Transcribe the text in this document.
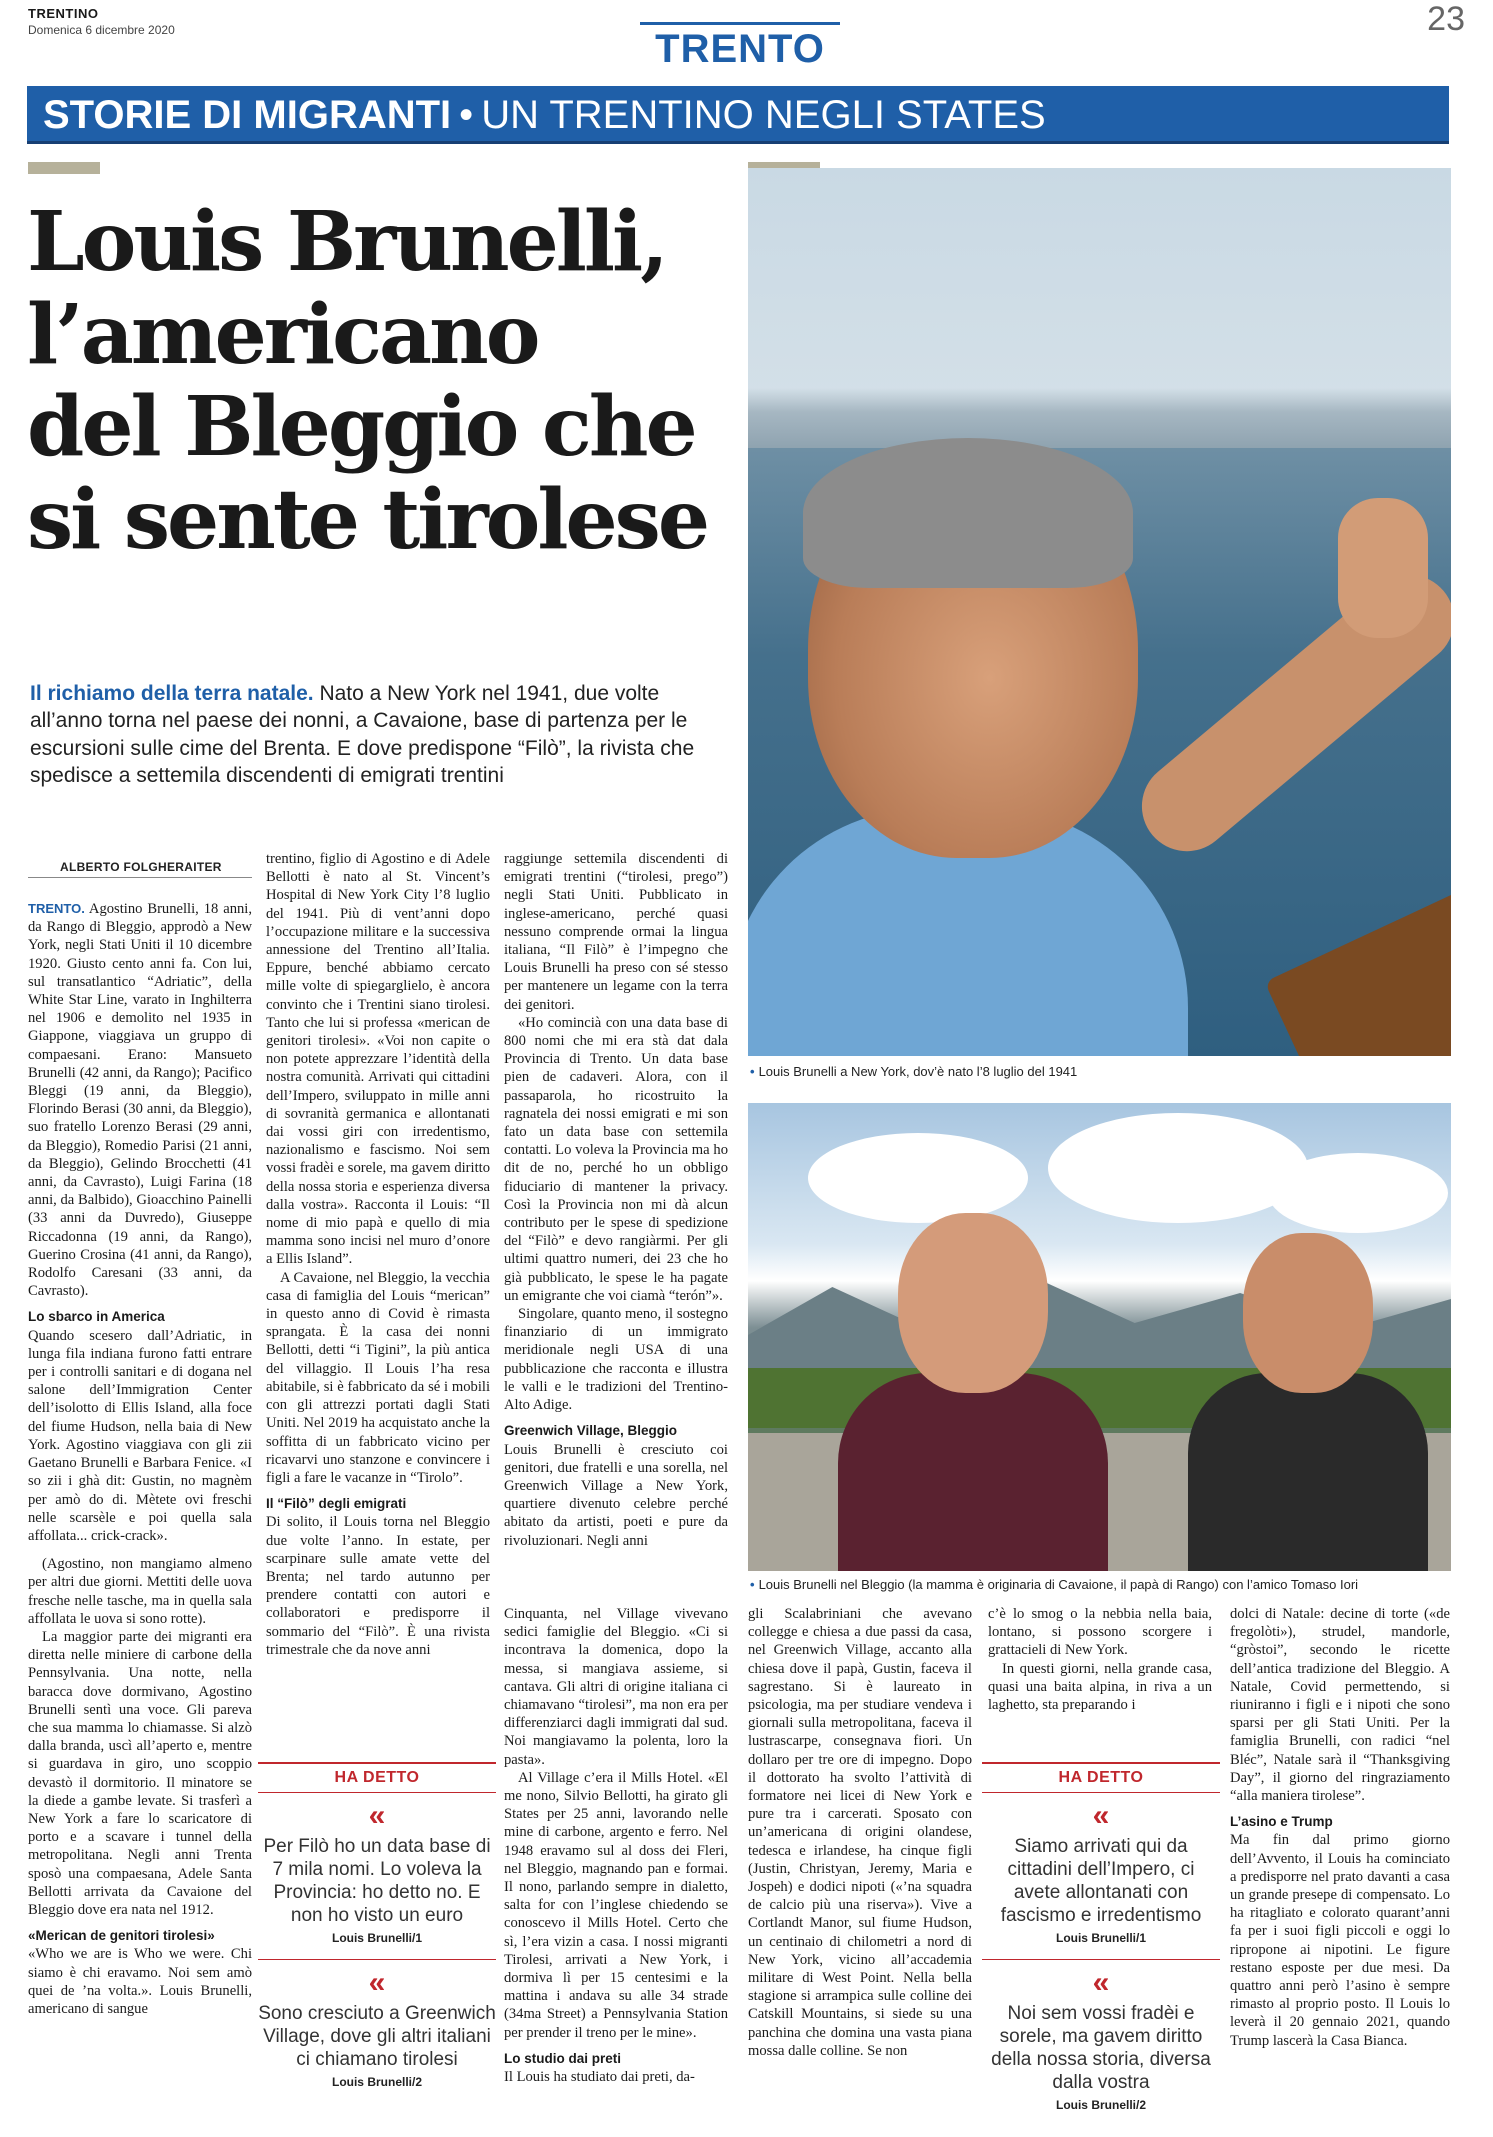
TRENTINO
Domenica 6 dicembre 2020	TRENTO
23
STORIE DI MIGRANTI • UN TRENTINO NEGLI STATES
Louis Brunelli,
l’americano
del Bleggio che
si sente tirolese
Il richiamo della terra natale. Nato a New York nel 1941, due volte all’anno torna nel paese dei nonni, a Cavaione, base di partenza per le escursioni sulle cime del Brenta. E dove predispone “Filò”, la rivista che spedisce a settemila discendenti di emigrati trentini
• Louis Brunelli a New York, dov’è nato l’8 luglio del 1941
• Louis Brunelli nel Bleggio (la mamma è originaria di Cavaione, il papà di Rango) con l’amico Tomaso Iori
ALBERTO FOLGHERAITER

TRENTO. Agostino Brunelli, 18 anni, da Rango di Bleggio, approdò a New York, negli Stati Uniti il 10 dicembre 1920. Giusto cento anni fa. Con lui, sul transatlantico “Adriatic”, della White Star Line, varato in Inghilterra nel 1906 e demolito nel 1935 in Giappone, viaggiava un gruppo di compaesani. Erano: Mansueto Brunelli (42 anni, da Rango); Pacifico Bleggi (19 anni, da Bleggio), Florindo Berasi (30 anni, da Bleggio), suo fratello Lorenzo Berasi (29 anni, da Bleggio), Romedio Parisi (21 anni, da Bleggio), Gelindo Brocchetti (41 anni, da Cavrasto), Luigi Farina (18 anni, da Balbido), Gioacchino Painelli (33 anni da Duvredo), Giuseppe Riccadonna (19 anni, da Rango), Guerino Crosina (41 anni, da Rango), Rodolfo Caresani (33 anni, da Cavrasto).

Lo sbarco in America

Quando scesero dall’Adriatic, in lunga fila indiana furono fatti entrare per i controlli sanitari e di dogana nel salone dell’Immigration Center dell’isolotto di Ellis Island, alla foce del fiume Hudson, nella baia di New York. Agostino viaggiava con gli zii Gaetano Brunelli e Barbara Fenice. «I so zii i ghà dit: Gustin, no magnèm per amò do di. Mètete ovi freschi nelle scarsèle e poi quella sala affollata... crick-crack».

(Agostino, non mangiamo almeno per altri due giorni. Mettiti delle uova fresche nelle tasche, ma in quella sala affollata le uova si sono rotte).

La maggior parte dei migranti era diretta nelle miniere di carbone della Pennsylvania. Una notte, nella baracca dove dormivano, Agostino Brunelli sentì una voce. Gli pareva che sua mamma lo chiamasse. Si alzò dalla branda, uscì all’aperto e, mentre si guardava in giro, uno scoppio devastò il dormitorio. Il minatore se la diede a gambe levate. Si trasferì a New York a fare lo scaricatore di porto e a scavare i tunnel della metropolitana. Negli anni Trenta sposò una compaesana, Adele Santa Bellotti arrivata da Cavaione del Bleggio dove era nata nel 1912.

«Merican de genitori tirolesi»

«Who we are is Who we were. Chi siamo è chi eravamo. Noi sem amò quei de ’na volta.». Louis Brunelli, americano di sangue

trentino, figlio di Agostino e di Adele Bellotti è nato al St. Vincent’s Hospital di New York City l’8 luglio del 1941. Più di vent’anni dopo l’occupazione militare e la successiva annessione del Trentino all’Italia. Eppure, benché abbiamo cercato mille volte di spiegarglielo, è ancora convinto che i Trentini siano tirolesi. Tanto che lui si professa «merican de genitori tirolesi». «Voi non capite o non potete apprezzare l’identità della nostra comunità. Arrivati qui cittadini dell’Impero, sviluppato in mille anni di sovranità germanica e allontanati dai vossi giri con irredentismo, nazionalismo e fascismo. Noi sem vossi fradèi e sorele, ma gavem diritto della nossa storia e esperienza diversa dalla vostra». Racconta il Louis: “Il nome di mio papà e quello di mia mamma sono incisi nel muro d’onore a Ellis Island”.

A Cavaione, nel Bleggio, la vecchia casa di famiglia del Louis “merican” in questo anno di Covid è rimasta sprangata. È la casa dei nonni Bellotti, detti “i Tigini”, la più antica del villaggio. Il Louis l’ha resa abitabile, si è fabbricato da sé i mobili con gli attrezzi portati dagli Stati Uniti. Nel 2019 ha acquistato anche la soffitta di un fabbricato vicino per ricavarvi uno stanzone e convincere i figli a fare le vacanze in “Tirolo”.

Il “Filò” degli emigrati

Di solito, il Louis torna nel Bleggio due volte l’anno. In estate, per scarpinare sulle amate vette del Brenta; nel tardo autunno per prendere contatti con autori e collaboratori e predisporre il sommario del “Filò”. È una rivista trimestrale che da nove anni

HA DETTO
«
Per Filò ho un data base di 7 mila nomi. Lo voleva la Provincia: ho detto no. E non ho visto un euro
Louis Brunelli/1
«
Sono cresciuto a Greenwich Village, dove gli altri italiani ci chiamano tirolesi
Louis Brunelli/2

raggiunge settemila discendenti di emigrati trentini (“tirolesi, prego”) negli Stati Uniti. Pubblicato in inglese-americano, perché quasi nessuno comprende ormai la lingua italiana, “Il Filò” è l’impegno che Louis Brunelli ha preso con sé stesso per mantenere un legame con la terra dei genitori.

«Ho comincià con una data base di 800 nomi che mi era stà dat dala Provincia di Trento. Un data base pien de cadaveri. Alora, con il passaparola, ho ricostruito la ragnatela dei nossi emigrati e mi son fato un data base con settemila contatti. Lo voleva la Provincia ma ho dit de no, perché ho un obbligo fiduciario di mantener la privacy. Così la Provincia non mi dà alcun contributo per le spese di spedizione del “Filò” e devo rangiàrmi. Per gli ultimi quattro numeri, dei 23 che ho già pubblicato, le spese le ha pagate un emigrante che voi ciamà “terón”».

Singolare, quanto meno, il sostegno finanziario di un immigrato meridionale negli USA di una pubblicazione che racconta e illustra le valli e le tradizioni del Trentino-Alto Adige.

Greenwich Village, Bleggio

Louis Brunelli è cresciuto coi genitori, due fratelli e una sorella, nel Greenwich Village a New York, quartiere divenuto celebre perché abitato da artisti, poeti e pure da rivoluzionari. Negli anni

Cinquanta, nel Village vivevano sedici famiglie del Bleggio. «Ci si incontrava la domenica, dopo la messa, si mangiava assieme, si cantava. Gli altri di origine italiana ci chiamavano “tirolesi”, ma non era per differenziarci dagli immigrati dal sud. Noi mangiavamo la polenta, loro la pasta».

Al Village c’era il Mills Hotel. «El me nono, Silvio Bellotti, ha girato gli States per 25 anni, lavorando nelle mine di carbone, argento e ferro. Nel 1948 eravamo sul al doss dei Fleri, nel Bleggio, magnando pan e formai. Il nono, parlando sempre in dialetto, salta for con l’inglese chiedendo se conoscevo il Mills Hotel. Certo che sì, l’era vizin a casa. I nossi migranti Tirolesi, arrivati a New York, i dormiva lì per 15 centesimi e la mattina i andava su alle 34 strade (34ma Street) a Pennsylvania Station per prender il treno per le mine».

Lo studio dai preti

Il Louis ha studiato dai preti, da-

gli Scalabriniani che avevano collegge e chiesa a due passi da casa, nel Greenwich Village, accanto alla chiesa dove il papà, Gustin, faceva il sagrestano. Si è laureato in psicologia, ma per studiare vendeva i giornali sulla metropolitana, faceva il lustrascarpe, consegnava fiori. Un dollaro per tre ore di impegno. Dopo il dottorato ha svolto l’attività di formatore nei licei di New York e pure tra i carcerati. Sposato con un’americana di origini olandese, tedesca e irlandese, ha cinque figli (Justin, Christyan, Jeremy, Maria e Jospeh) e dodici nipoti («’na squadra de calcio più una riserva»). Vive a Cortlandt Manor, sul fiume Hudson, un centinaio di chilometri a nord di New York, vicino all’accademia militare di West Point. Nella bella stagione si arrampica sulle colline dei Catskill Mountains, si siede su una panchina che domina una vasta piana mossa dalle colline. Se non

c’è lo smog o la nebbia nella baia, lontano, si possono scorgere i grattacieli di New York.

In questi giorni, nella grande casa, quasi una baita alpina, in riva a un laghetto, sta preparando i

HA DETTO
«
Siamo arrivati qui da cittadini dell’Impero, ci avete allontanati con fascismo e irredentismo
Louis Brunelli/1
«
Noi sem vossi fradèi e sorele, ma gavem diritto della nossa storia, diversa dalla vostra
Louis Brunelli/2

dolci di Natale: decine di torte («de fregolòti»), strudel, mandorle, “gròstoi”, secondo le ricette dell’antica tradizione del Bleggio. A Natale, Covid permettendo, si riuniranno i figli e i nipoti che sono sparsi per gli Stati Uniti. Per la famiglia Brunelli, con radici “nel Bléc”, Natale sarà il “Thanksgiving Day”, il giorno del ringraziamento “alla maniera tirolese”.

L’asino e Trump

Ma fin dal primo giorno dell’Avvento, il Louis ha cominciato a predisporre nel prato davanti a casa un grande presepe di compensato. Lo ha ritagliato e colorato quarant’anni fa per i suoi figli piccoli e oggi lo ripropone ai nipotini. Le figure restano esposte per due mesi. Da quattro anni però l’asino è sempre rimasto al proprio posto. Il Louis lo leverà il 20 gennaio 2021, quando Trump lascerà la Casa Bianca.
